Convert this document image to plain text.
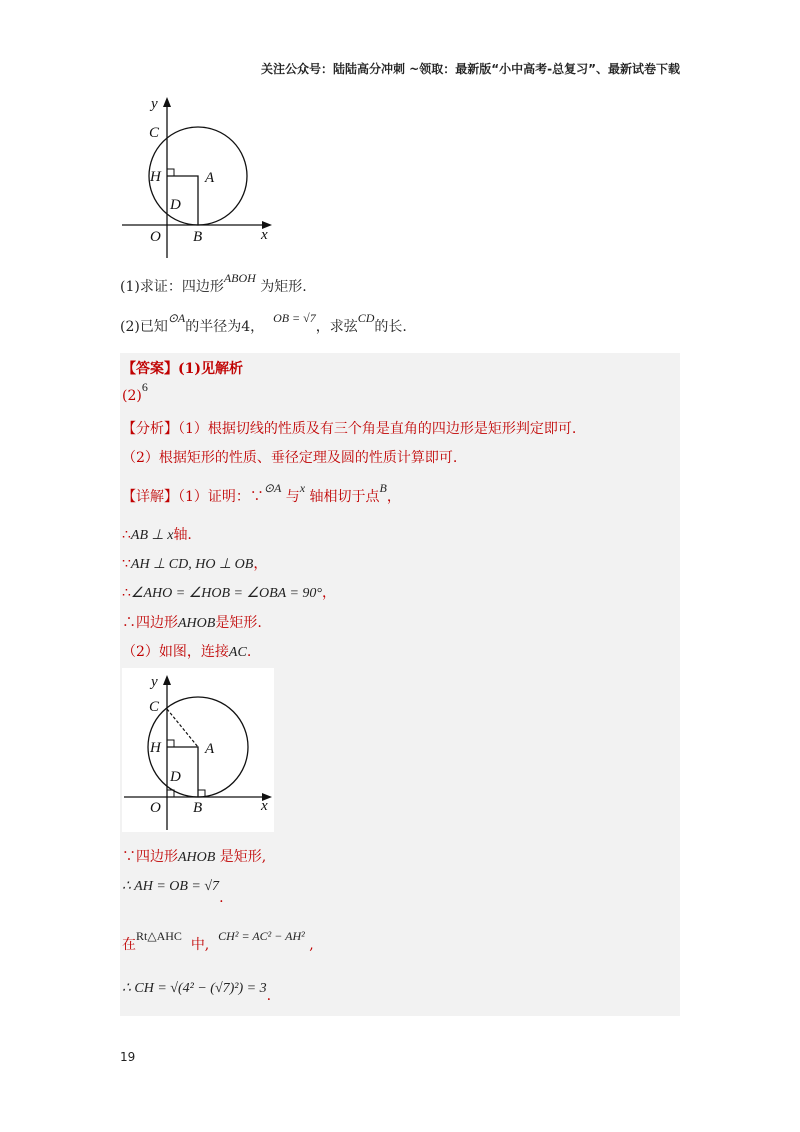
关注公众号：陆陆高分冲刺 ~领取：最新版“小中高考-总复习”、最新试卷下载
y
C
H	A
D
O B	x
(1)求证：四边形ABOH 为矩形.
(2)已知⊙A的半径为4，  OB = √7，求弦CD的长.
【答案】(1)见解析
(2)6
【分析】（1）根据切线的性质及有三个角是直角的四边形是矩形判定即可.
（2）根据矩形的性质、垂径定理及圆的性质计算即可.
【详解】（1）证明：∵⊙A 与x 轴相切于点B，
∴AB ⊥ x轴.
∵AH ⊥ CD, HO ⊥ OB，
∴∠AHO = ∠HOB = ∠OBA = 90°，
∴四边形AHOB是矩形.
（2）如图，连接AC.
y
C
H	A
D
O B	x
∵四边形AHOB 是矩形,
∴ AH = OB = √7.
在Rt△AHC  中,  CH² = AC² − AH² ,
∴ CH = √(4² − (√7)²) = 3.
19
